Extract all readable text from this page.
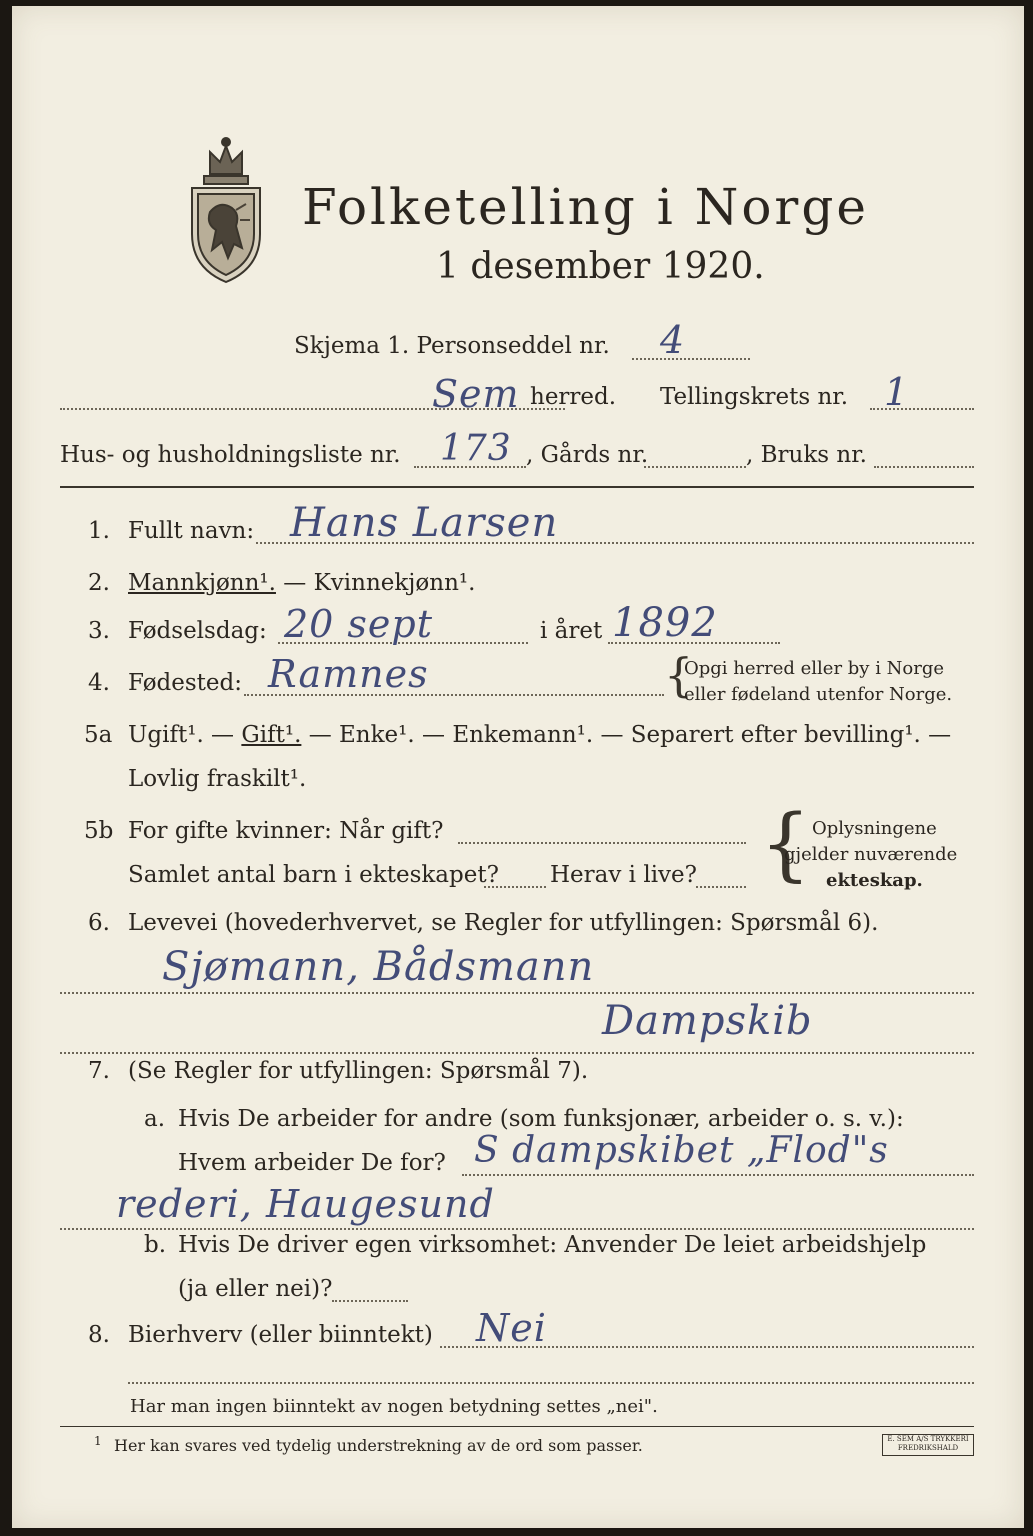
Folketelling i Norge
1 desember 1920.
Skjema 1. Personseddel nr. 4
Sem herred. Tellingskrets nr. 1
Hus- og husholdningsliste nr. 173 , Gårds nr.	, Bruks nr.
1. Fullt navn: Hans Larsen
2. Mannkjønn¹. — Kvinnekjønn¹.
3. Fødselsdag: 20 sept	i året 1892
4. Fødested: Ramnes	{
Opgi herred eller by i Norge
eller fødeland utenfor Norge.
5a Ugift¹. — Gift¹. — Enke¹. — Enkemann¹. — Separert efter bevilling¹. —
Lovlig fraskilt¹.
5b For gifte kvinner: Når gift?
Samlet antal barn i ekteskapet? Herav i live? { Oplysningene
gjelder nuværende
ekteskap.
6. Levevei (hovederhvervet, se Regler for utfyllingen: Spørsmål 6).
Sjømann, Bådsmann
Dampskib
7. (Se Regler for utfyllingen: Spørsmål 7).
a. Hvis De arbeider for andre (som funksjonær, arbeider o. s. v.):
Hvem arbeider De for? S dampskibet „Flod"s
rederi, Haugesund
b. Hvis De driver egen virksomhet: Anvender De leiet arbeidshjelp
(ja eller nei)?
8. Bierhverv (eller biinntekt) Nei
Har man ingen biinntekt av nogen betydning settes „nei".
1 Her kan svares ved tydelig understrekning av de ord som passer.	E. SEM A/S TRYKKERI FREDRIKSHALD
